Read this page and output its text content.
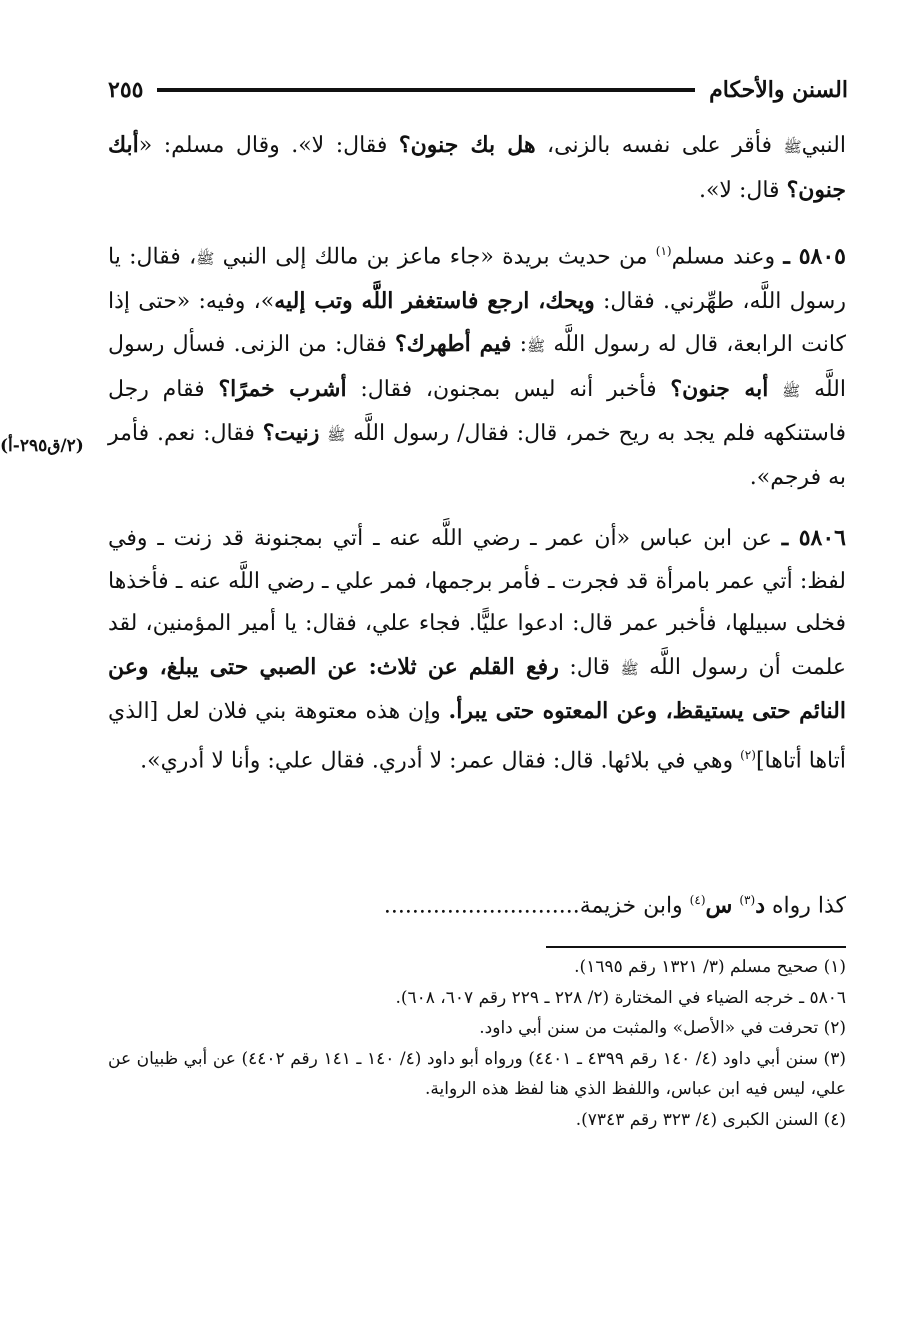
السنن والأحكام
٢٥٥
(٢/ق٢٩٥-أ)

النبيﷺ فأقر على نفسه بالزنى، هل بك جنون؟ فقال: لا». وقال مسلم: «أبك جنون؟ قال: لا».

٥٨٠٥ ـ وعند مسلم$^{(١)}$ من حديث بريدة «جاء ماعز بن مالك إلى النبي ﷺ، فقال: يا رسول اللَّه، طهِّرني. فقال: ويحك، ارجع فاستغفر اللَّه وتب إليه»، وفيه: «حتى إذا كانت الرابعة، قال له رسول اللَّه ﷺ: فيم أطهرك؟ فقال: من الزنى. فسأل رسول اللَّه ﷺ أبه جنون؟ فأخبر أنه ليس بمجنون، فقال: أشرب خمرًا؟ فقام رجل فاستنكهه فلم يجد به ريح خمر، قال: فقال/ رسول اللَّه ﷺ زنيت؟ فقال: نعم. فأمر به فرجم».

٥٨٠٦ ـ عن ابن عباس «أن عمر ـ رضي اللَّه عنه ـ أتي بمجنونة قد زنت ـ وفي لفظ: أتي عمر بامرأة قد فجرت ـ فأمر برجمها، فمر علي ـ رضي اللَّه عنه ـ فأخذها فخلى سبيلها، فأخبر عمر قال: ادعوا عليًّا. فجاء علي، فقال: يا أمير المؤمنين، لقد علمت أن رسول اللَّه ﷺ قال: رفع القلم عن ثلاث: عن الصبي حتى يبلغ، وعن النائم حتى يستيقظ، وعن المعتوه حتى يبرأ. وإن هذه معتوهة بني فلان لعل [الذي أتاها أتاها]$^{(٢)}$ وهي في بلائها. قال: فقال عمر: لا أدري. فقال علي: وأنا لا أدري».

كذا رواه د$^{(٣)}$ س$^{(٤)}$ وابن خزيمة............................

(١) صحيح مسلم (٣/ ١٣٢١ رقم ١٦٩٥).

٥٨٠٦ ـ خرجه الضياء في المختارة (٢/ ٢٢٨ ـ ٢٢٩ رقم ٦٠٧، ٦٠٨).

(٢) تحرفت في «الأصل» والمثبت من سنن أبي داود.

(٣) سنن أبي داود (٤/ ١٤٠ رقم ٤٣٩٩ ـ ٤٤٠١) ورواه أبو داود (٤/ ١٤٠ ـ ١٤١ رقم ٤٤٠٢) عن أبي ظبيان عن علي، ليس فيه ابن عباس، واللفظ الذي هنا لفظ هذه الرواية.

(٤) السنن الكبرى (٤/ ٣٢٣ رقم ٧٣٤٣).
